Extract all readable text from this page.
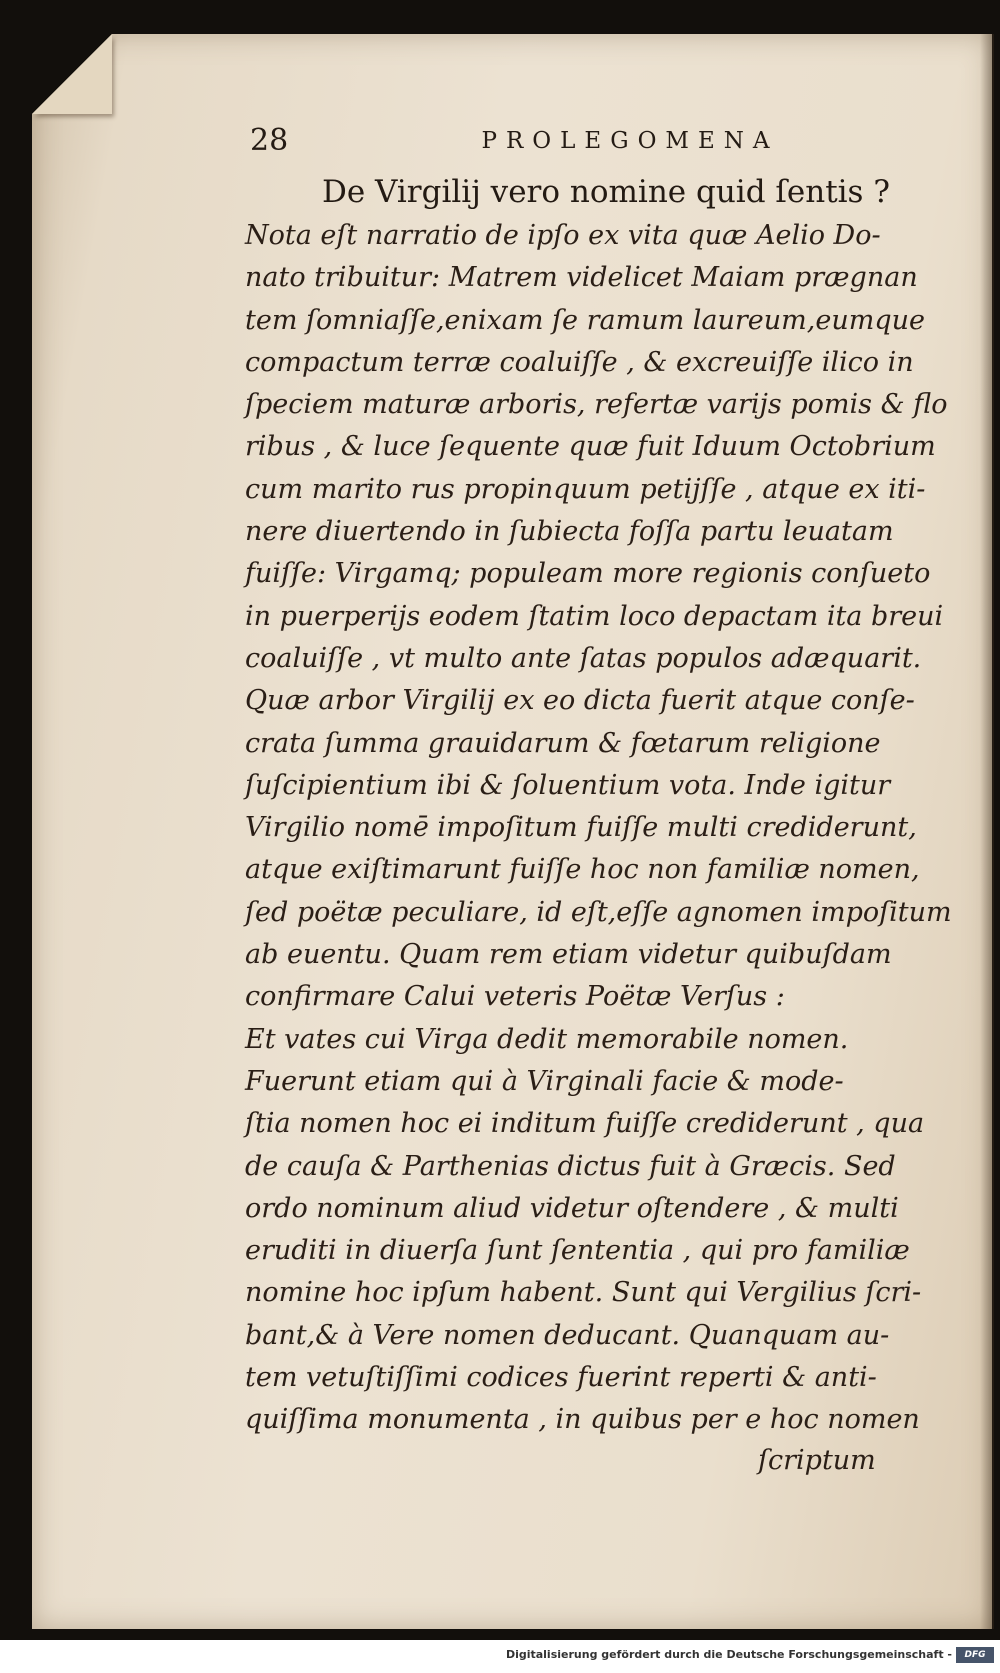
28	PROLEGOMENA
De Virgilij vero nomine quid ſentis ?
Nota eſt narratio de ipſo ex vita quæ Aelio Do-
nato tribuitur: Matrem videlicet Maiam prægnan
tem ſomniaſſe,enixam ſe ramum laureum,eumque
compactum terræ coaluiſſe , & excreuiſſe ilico in
ſpeciem maturæ arboris, refertæ varijs pomis & flo
ribus , & luce ſequente quæ fuit Iduum Octobrium
cum marito rus propinquum petijſſe , atque ex iti-
nere diuertendo in ſubiecta foſſa partu leuatam
fuiſſe: Virgamq; populeam more regionis conſueto
in puerperijs eodem ſtatim loco depactam ita breui
coaluiſſe , vt multo ante ſatas populos adæquarit.
Quæ arbor Virgilij ex eo dicta fuerit atque conſe-
crata ſumma grauidarum & fœtarum religione
ſuſcipientium ibi & ſoluentium vota. Inde igitur
Virgilio nomē impoſitum fuiſſe multi crediderunt,
atque exiſtimarunt fuiſſe hoc non familiæ nomen,
ſed poëtæ peculiare, id eſt,eſſe agnomen impoſitum
ab euentu. Quam rem etiam videtur quibuſdam
confirmare Calui veteris Poëtæ Verſus :
Et vates cui Virga dedit memorabile nomen.
Fuerunt etiam qui à Virginali facie & mode-
ſtia nomen hoc ei inditum fuiſſe crediderunt , qua
de cauſa & Parthenias dictus fuit à Græcis. Sed
ordo nominum aliud videtur oſtendere , & multi
eruditi in diuerſa ſunt ſententia , qui pro familiæ
nomine hoc ipſum habent. Sunt qui Vergilius ſcri-
bant,& à Vere nomen deducant. Quanquam au-
tem vetuſtiſſimi codices fuerint reperti & anti-
quiſſima monumenta , in quibus per e hoc nomen
ſcriptum
Digitalisierung gefördert durch die Deutsche Forschungsgemeinschaft -	DFG
